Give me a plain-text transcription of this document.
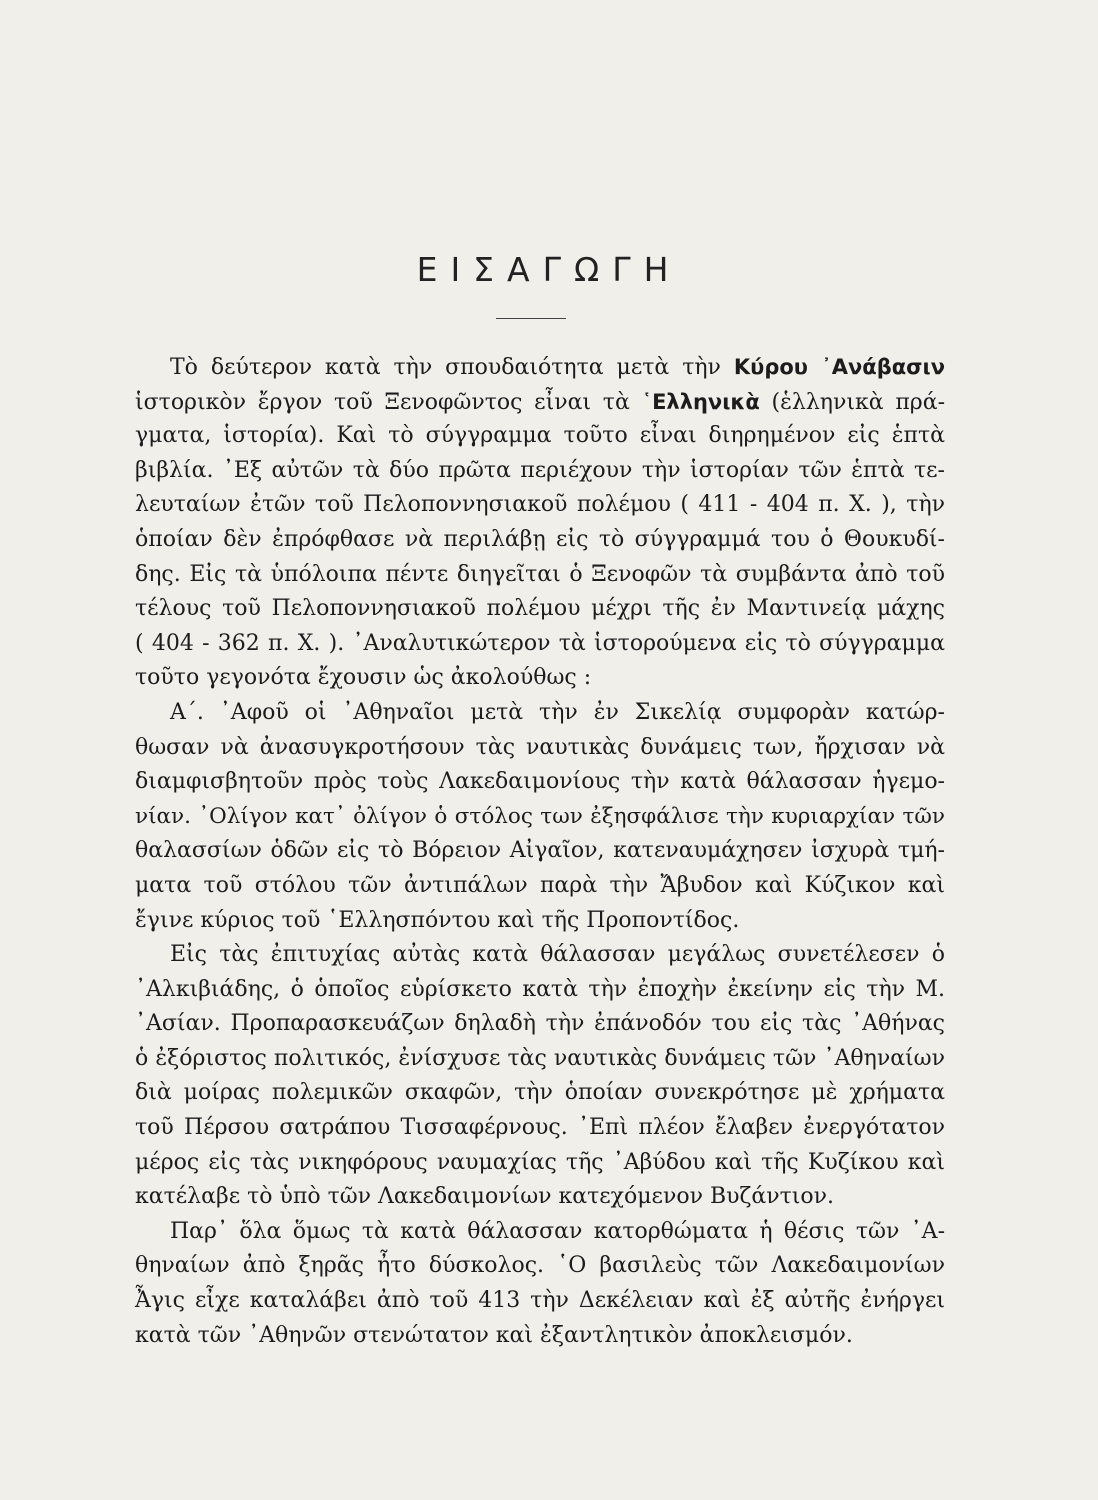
ΕΙΣΑΓΩΓΗ
Τὸ δεύτερον κατὰ τὴν σπουδαιότητα μετὰ τὴν Κύρου ᾿Ανάβασιν
ἱστορικὸν ἔργον τοῦ Ξενοφῶντος εἶναι τὰ ῾Ελληνικὰ (ἑλληνικὰ πρά-
γματα, ἱστορία). Καὶ τὸ σύγγραμμα τοῦτο εἶναι διηρημένον εἰς ἑπτὰ
βιβλία. ᾿Εξ αὐτῶν τὰ δύο πρῶτα περιέχουν τὴν ἱστορίαν τῶν ἑπτὰ τε-
λευταίων ἐτῶν τοῦ Πελοποννησιακοῦ πολέμου ( 411 - 404 π. Χ. ), τὴν
ὁποίαν δὲν ἐπρόφθασε νὰ περιλάβῃ εἰς τὸ σύγγραμμά του ὁ Θουκυδί-
δης. Εἰς τὰ ὑπόλοιπα πέντε διηγεῖται ὁ Ξενοφῶν τὰ συμβάντα ἀπὸ τοῦ
τέλους τοῦ Πελοποννησιακοῦ πολέμου μέχρι τῆς ἐν Μαντινείᾳ μάχης
( 404 - 362 π. Χ. ). ᾿Αναλυτικώτερον τὰ ἱστορούμενα εἰς τὸ σύγγραμμα
τοῦτο γεγονότα ἔχουσιν ὡς ἀκολούθως :
Α΄. ᾿Αφοῦ οἱ ᾿Αθηναῖοι μετὰ τὴν ἐν Σικελίᾳ συμφορὰν κατώρ-
θωσαν νὰ ἀνασυγκροτήσουν τὰς ναυτικὰς δυνάμεις των, ἤρχισαν νὰ
διαμφισβητοῦν πρὸς τοὺς Λακεδαιμονίους τὴν κατὰ θάλασσαν ἡγεμο-
νίαν. ᾿Ολίγον κατ᾿ ὀλίγον ὁ στόλος των ἐξησφάλισε τὴν κυριαρχίαν τῶν
θαλασσίων ὁδῶν εἰς τὸ Βόρειον Αἰγαῖον, κατεναυμάχησεν ἰσχυρὰ τμή-
ματα τοῦ στόλου τῶν ἀντιπάλων παρὰ τὴν Ἄβυδον καὶ Κύζικον καὶ
ἔγινε κύριος τοῦ ῾Ελλησπόντου καὶ τῆς Προποντίδος.
Εἰς τὰς ἐπιτυχίας αὐτὰς κατὰ θάλασσαν μεγάλως συνετέλεσεν ὁ
᾿Αλκιβιάδης, ὁ ὁποῖος εὑρίσκετο κατὰ τὴν ἐποχὴν ἐκείνην εἰς τὴν Μ.
᾿Ασίαν. Προπαρασκευάζων δηλαδὴ τὴν ἐπάνοδόν του εἰς τὰς ᾿Αθήνας
ὁ ἐξόριστος πολιτικός, ἐνίσχυσε τὰς ναυτικὰς δυνάμεις τῶν ᾿Αθηναίων
διὰ μοίρας πολεμικῶν σκαφῶν, τὴν ὁποίαν συνεκρότησε μὲ χρήματα
τοῦ Πέρσου σατράπου Τισσαφέρνους. ᾿Επὶ πλέον ἔλαβεν ἐνεργότατον
μέρος εἰς τὰς νικηφόρους ναυμαχίας τῆς ᾿Αβύδου καὶ τῆς Κυζίκου καὶ
κατέλαβε τὸ ὑπὸ τῶν Λακεδαιμονίων κατεχόμενον Βυζάντιον.
Παρ᾿ ὅλα ὅμως τὰ κατὰ θάλασσαν κατορθώματα ἡ θέσις τῶν ᾿Α-
θηναίων ἀπὸ ξηρᾶς ἦτο δύσκολος. ῾Ο βασιλεὺς τῶν Λακεδαιμονίων
Ἆγις εἶχε καταλάβει ἀπὸ τοῦ 413 τὴν Δεκέλειαν καὶ ἐξ αὐτῆς ἐνήργει
κατὰ τῶν ᾿Αθηνῶν στενώτατον καὶ ἐξαντλητικὸν ἀποκλεισμόν.
